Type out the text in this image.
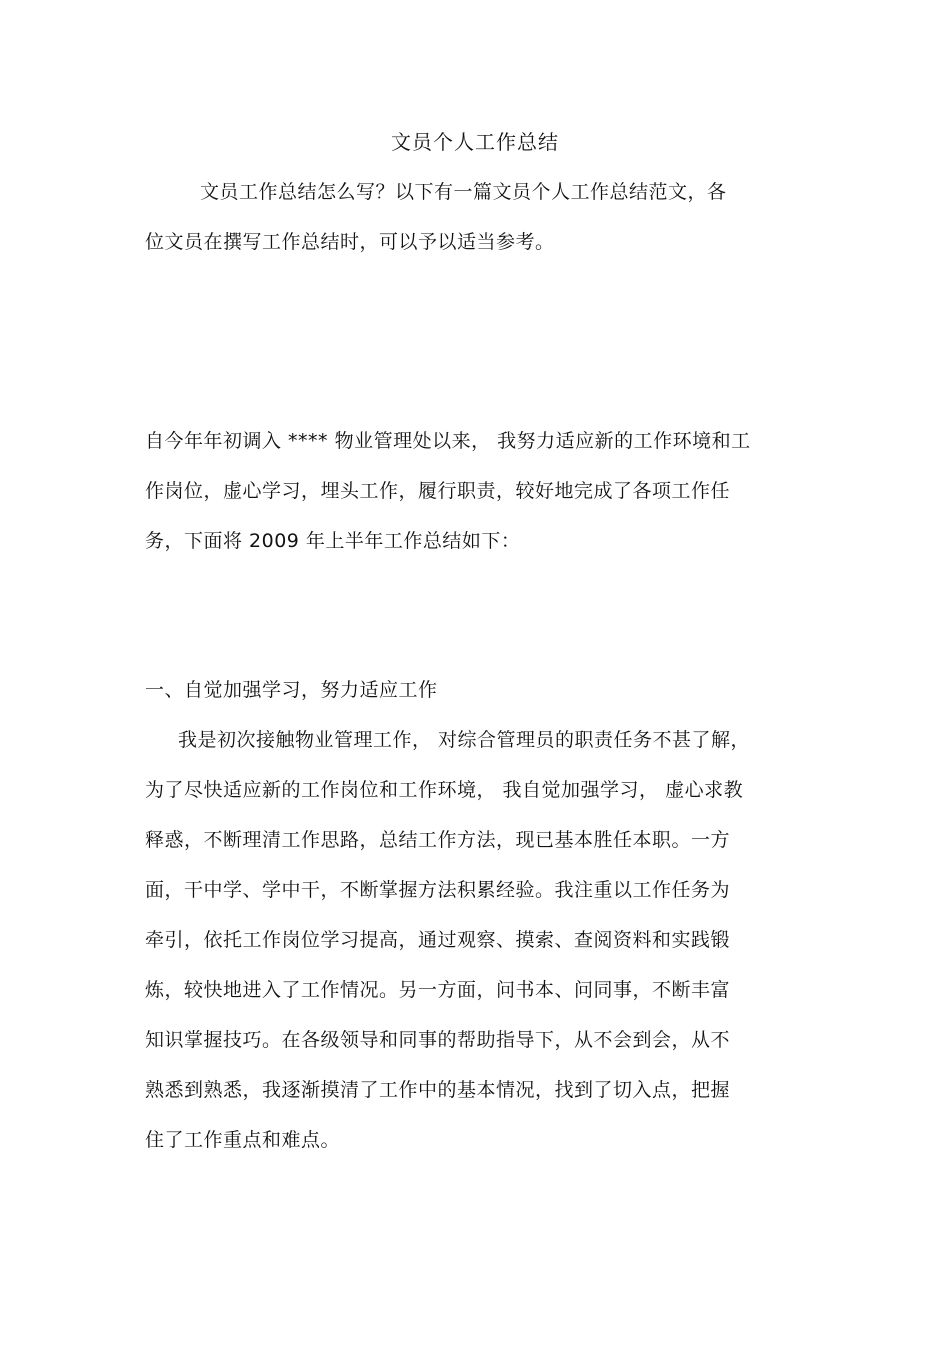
文员个人工作总结
文员工作总结怎么写？以下有一篇文员个人工作总结范文，各
位文员在撰写工作总结时，可以予以适当参考。
自今年年初调入 **** 物业管理处以来， 我努力适应新的工作环境和工
作岗位，虚心学习，埋头工作，履行职责，较好地完成了各项工作任
务，下面将 2009 年上半年工作总结如下：
一、自觉加强学习，努力适应工作
我是初次接触物业管理工作， 对综合管理员的职责任务不甚了解，
为了尽快适应新的工作岗位和工作环境， 我自觉加强学习， 虚心求教
释惑，不断理清工作思路，总结工作方法，现已基本胜任本职。一方
面，干中学、学中干，不断掌握方法积累经验。我注重以工作任务为
牵引，依托工作岗位学习提高，通过观察、摸索、查阅资料和实践锻
炼，较快地进入了工作情况。另一方面，问书本、问同事，不断丰富
知识掌握技巧。在各级领导和同事的帮助指导下，从不会到会，从不
熟悉到熟悉，我逐渐摸清了工作中的基本情况，找到了切入点，把握
住了工作重点和难点。
